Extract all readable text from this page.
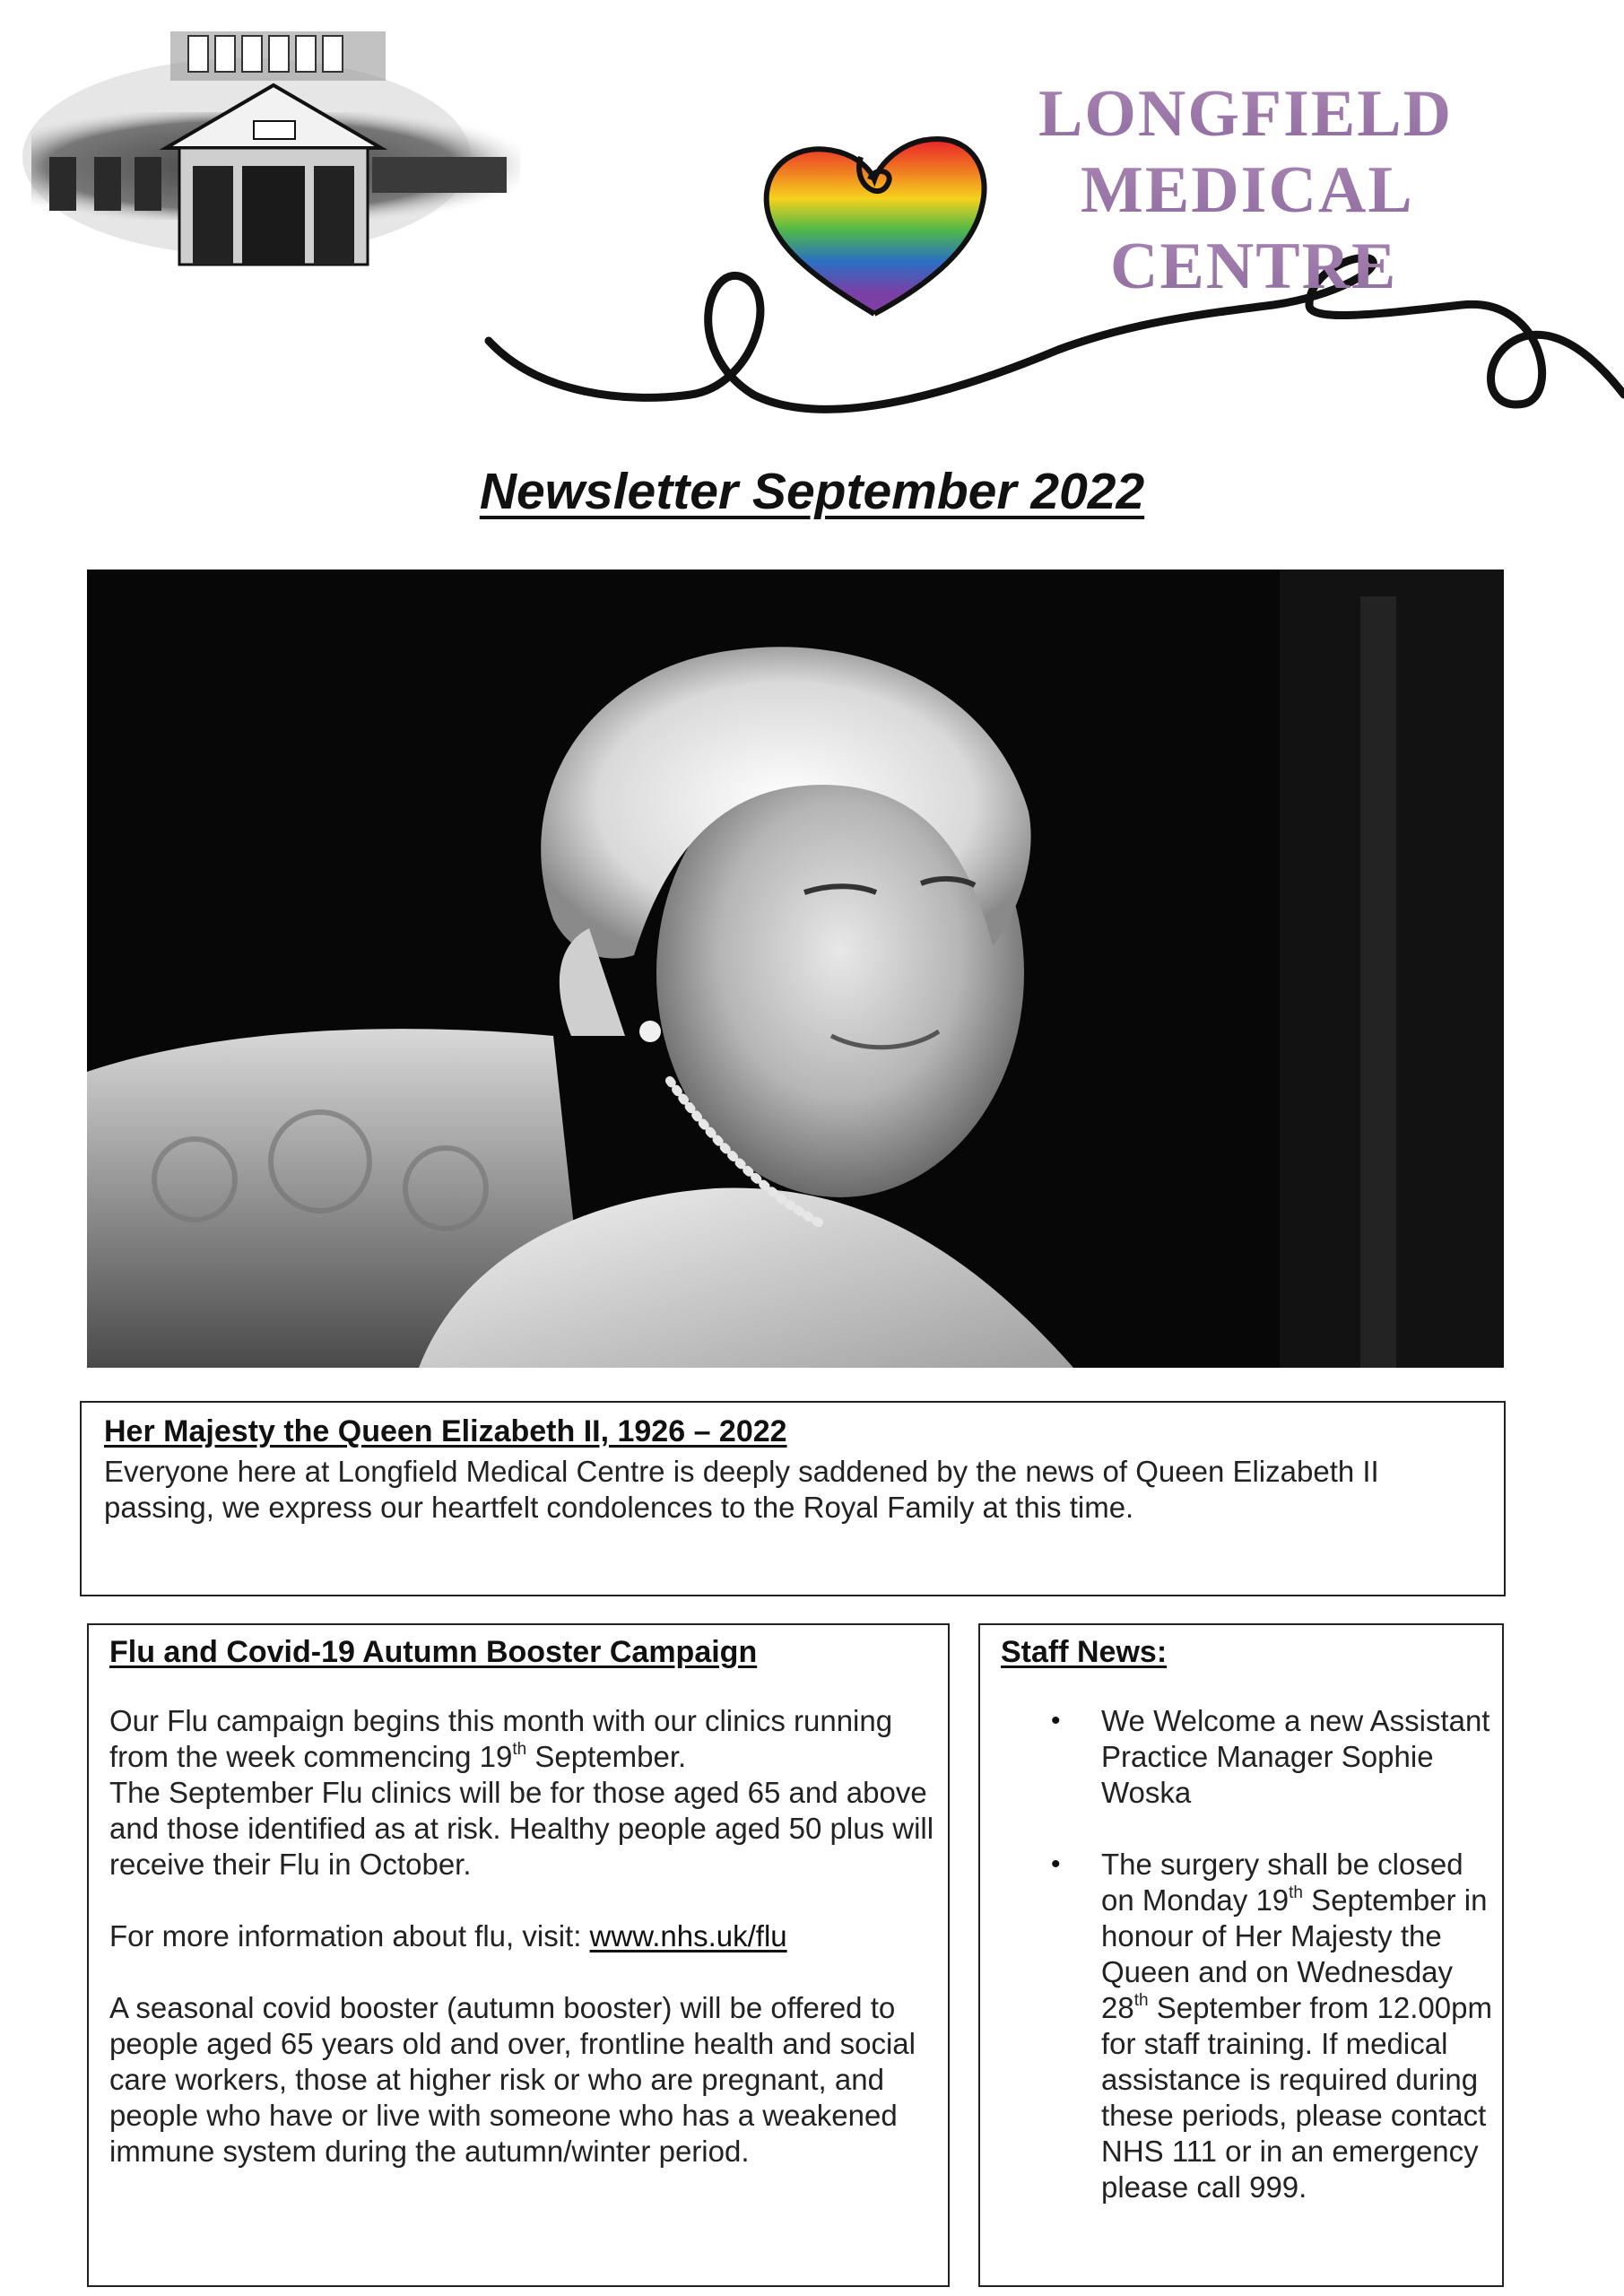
LONGFIELD
MEDICAL
CENTRE
Newsletter September 2022
Her Majesty the Queen Elizabeth II, 1926 – 2022
Everyone here at Longfield Medical Centre is deeply saddened by the news of Queen Elizabeth II passing, we express our heartfelt condolences to the Royal Family at this time.
Flu and Covid-19 Autumn Booster Campaign

Our Flu campaign begins this month with our clinics running from the week commencing 19th September.
The September Flu clinics will be for those aged 65 and above and those identified as at risk. Healthy people aged 50 plus will receive their Flu in October.

For more information about flu, visit: www.nhs.uk/flu

A seasonal covid booster (autumn booster) will be offered to people aged 65 years old and over, frontline health and social care workers, those at higher risk or who are pregnant, and people who have or live with someone who has a weakened immune system during the autumn/winter period.

Staff News:
• We Welcome a new Assistant Practice Manager Sophie Woska
• The surgery shall be closed on Monday 19th September in honour of Her Majesty the Queen and on Wednesday 28th September from 12.00pm for staff training. If medical assistance is required during these periods, please contact NHS 111 or in an emergency please call 999.
